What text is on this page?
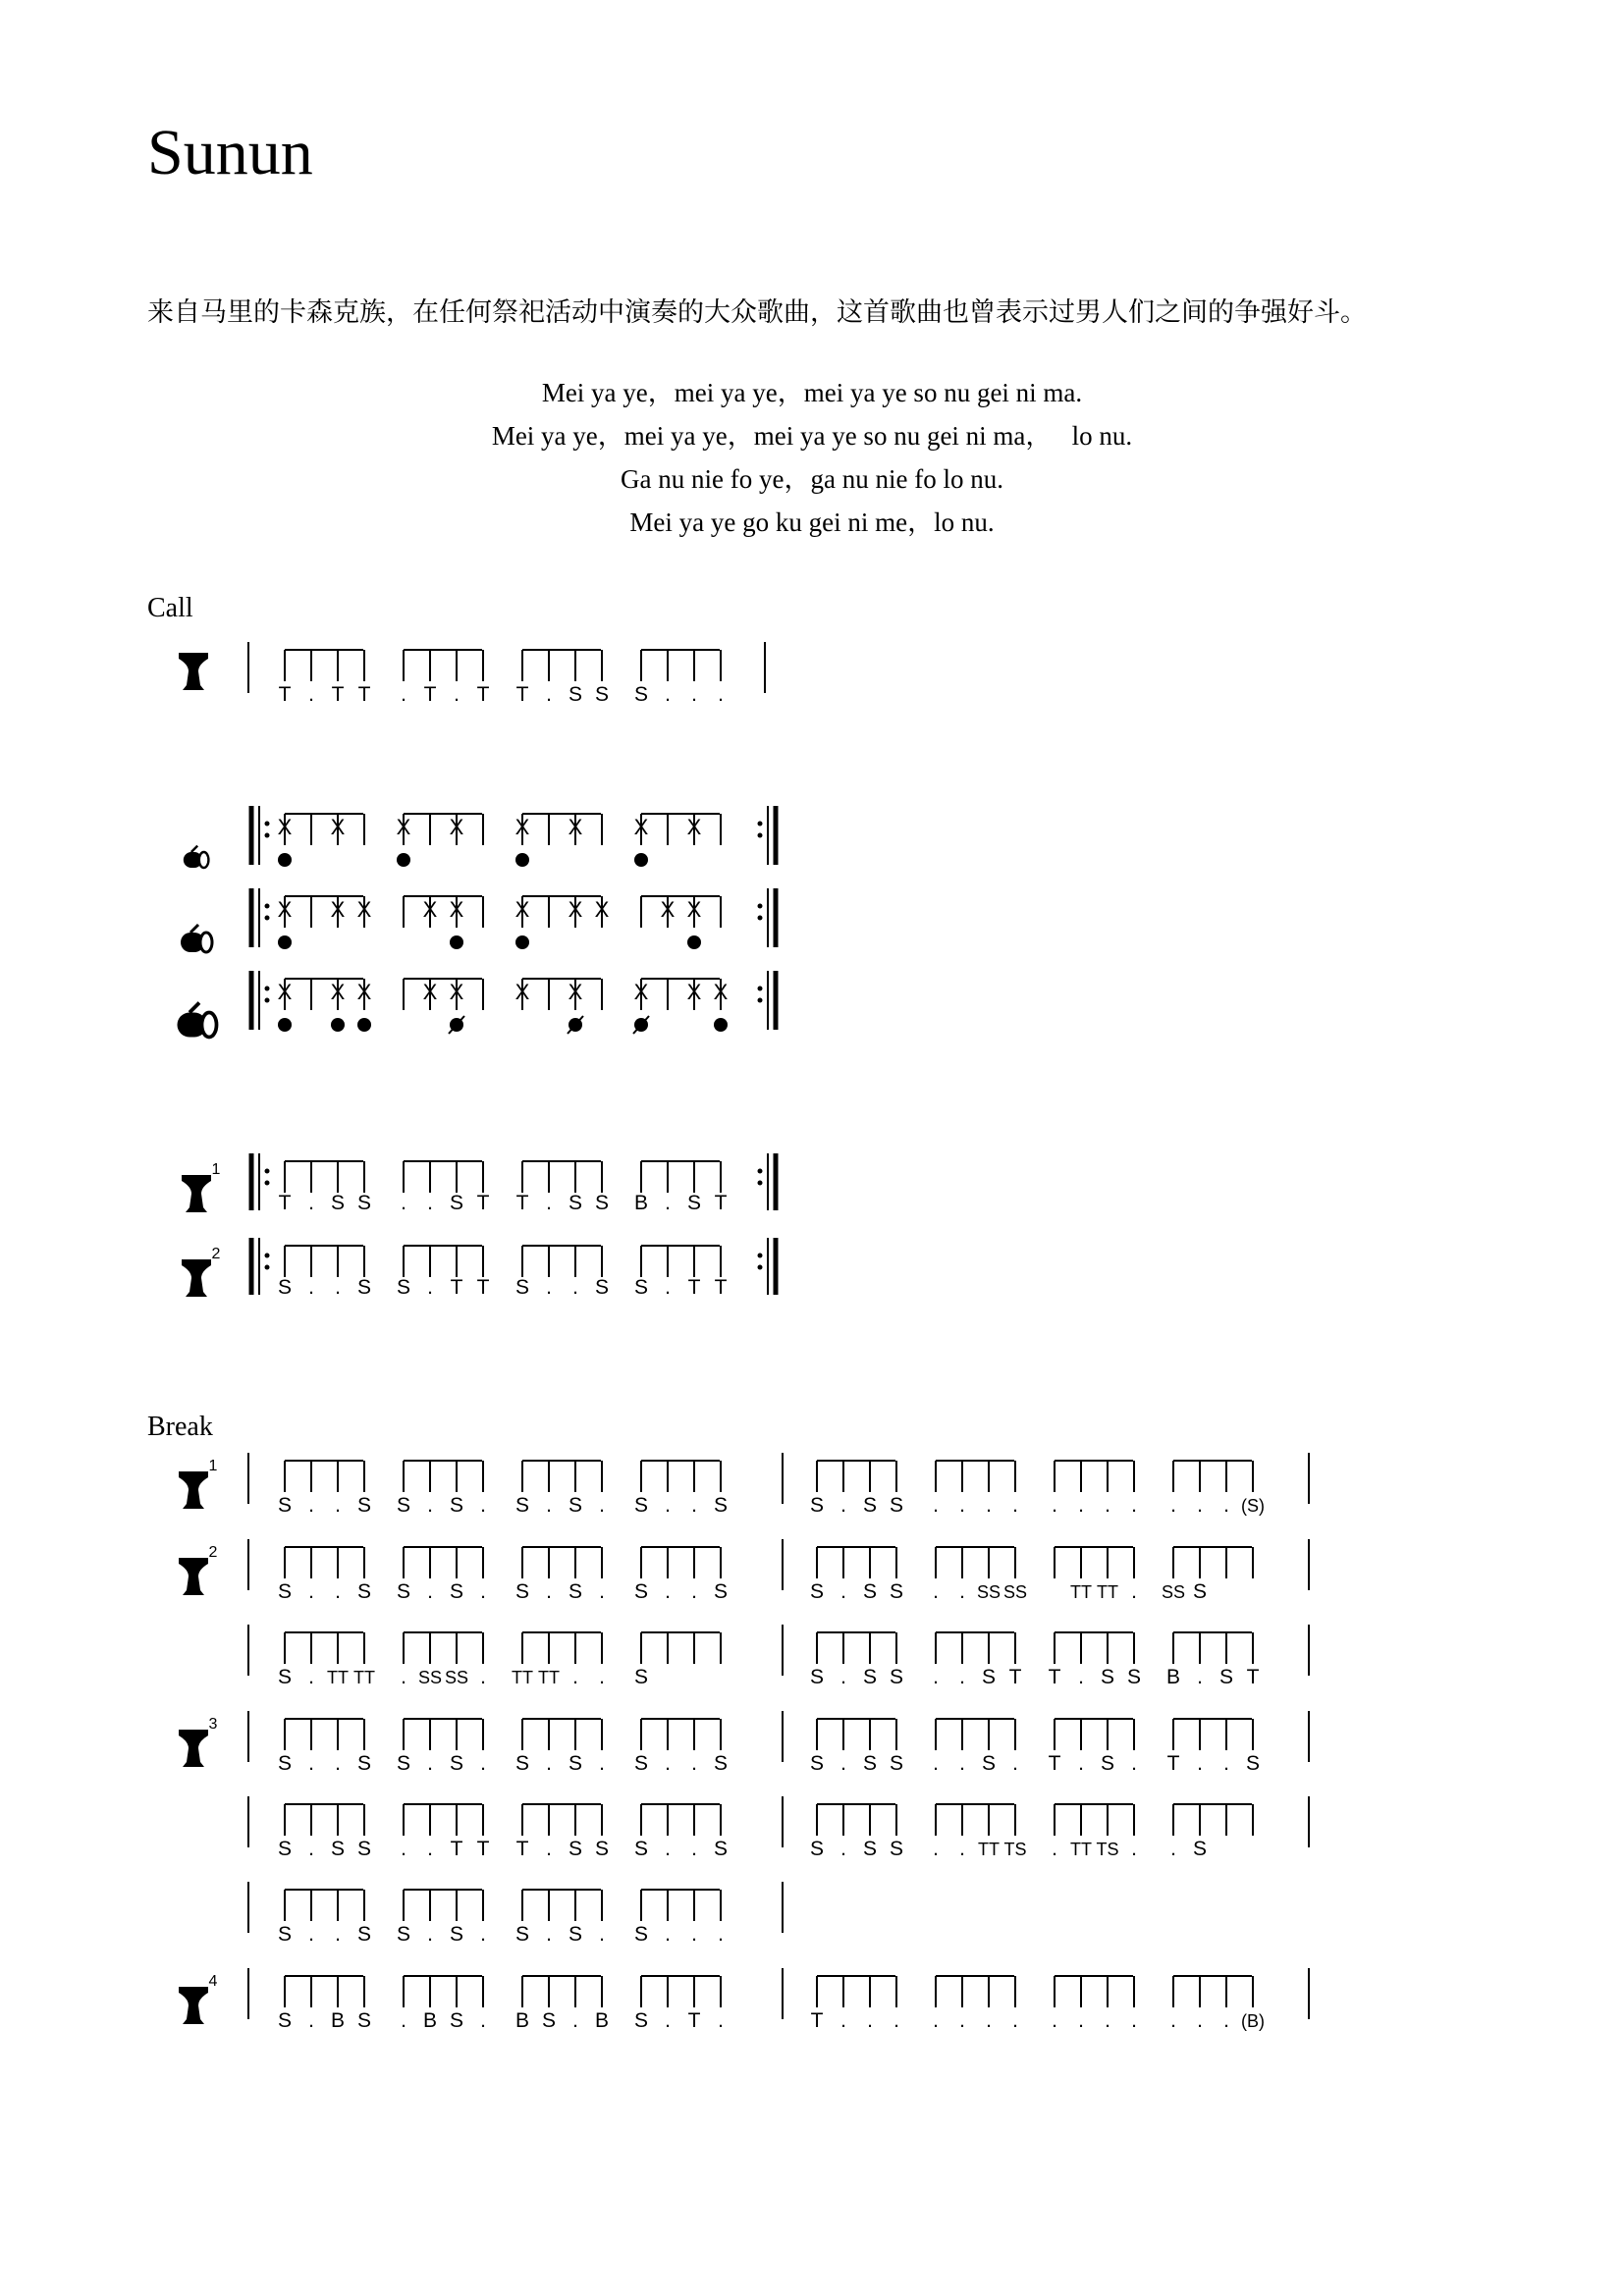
Sunun
来自马里的卡森克族，在任何祭祀活动中演奏的大众歌曲，这首歌曲也曾表示过男人们之间的争强好斗。
Mei ya ye，mei ya ye，mei ya ye so nu gei ni ma.
Mei ya ye，mei ya ye，mei ya ye so nu gei ni ma，   lo nu.
Ga nu nie fo ye，ga nu nie fo lo nu.
Mei ya ye go ku gei ni me，lo nu.
Call
Break
1
2
1
2
3
4
T . T T . T . T T . S S S . . .
X X X X X X X X
X X X X X X X X X X
X X X X X X X X X X
T . S S . . S T T . S S B . S T
S . . S S . T T S . . S S . T T
S . . S S . S . S . S . S . . S	S . S S . . . . . . . . . . . (S)
S . . S S . S . S . S . S . . S	S . S S . . SS SS TT TT . SS S
S . TT TT . SS SS . TT TT . . S	S . S S . . S T T . S S B . S T
S . . S S . S . S . S . S . . S	S . S S . . S . T . S . T . . S
S . S S . . T T T . S S S . . S	S . S S . . TT TS . TT TS . . S
S . . S S . S . S . S . S . . .
S . B S . B S . B S . B S . T .	T . . . . . . . . . . . . . . (B)
